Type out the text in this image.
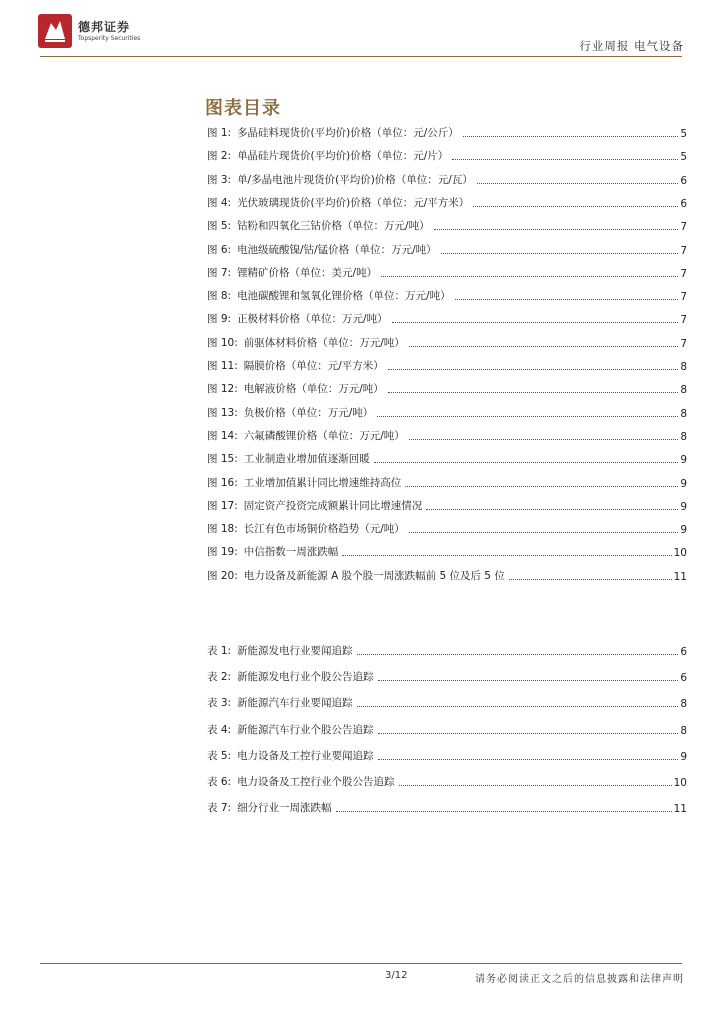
德邦证券
Topsperity Securities
行业周报 电气设备
图表目录
图 1: 多晶硅料现货价(平均价)价格（单位：元/公斤）	5
图 2: 单晶硅片现货价(平均价)价格（单位：元/片）	5
图 3: 单/多晶电池片现货价(平均价)价格（单位：元/瓦）	6
图 4: 光伏玻璃现货价(平均价)价格（单位：元/平方米）	6
图 5: 钴粉和四氧化三钴价格（单位：万元/吨）	7
图 6: 电池级硫酸镍/钴/锰价格（单位：万元/吨）	7
图 7: 锂精矿价格（单位：美元/吨）	7
图 8: 电池碳酸锂和氢氧化锂价格（单位：万元/吨）	7
图 9: 正极材料价格（单位：万元/吨）	7
图 10: 前驱体材料价格（单位：万元/吨）	7
图 11: 隔膜价格（单位：元/平方米）	8
图 12: 电解液价格（单位：万元/吨）	8
图 13: 负极价格（单位：万元/吨）	8
图 14: 六氟磷酸锂价格（单位：万元/吨）	8
图 15: 工业制造业增加值逐渐回暖	9
图 16: 工业增加值累计同比增速维持高位	9
图 17: 固定资产投资完成额累计同比增速情况	9
图 18: 长江有色市场铜价格趋势（元/吨）	9
图 19: 中信指数一周涨跌幅	10
图 20: 电力设备及新能源 A 股个股一周涨跌幅前 5 位及后 5 位	11
表 1: 新能源发电行业要闻追踪	6
表 2: 新能源发电行业个股公告追踪	6
表 3: 新能源汽车行业要闻追踪	8
表 4: 新能源汽车行业个股公告追踪	8
表 5: 电力设备及工控行业要闻追踪	9
表 6: 电力设备及工控行业个股公告追踪	10
表 7: 细分行业一周涨跌幅	11
3/12	请务必阅读正文之后的信息披露和法律声明
